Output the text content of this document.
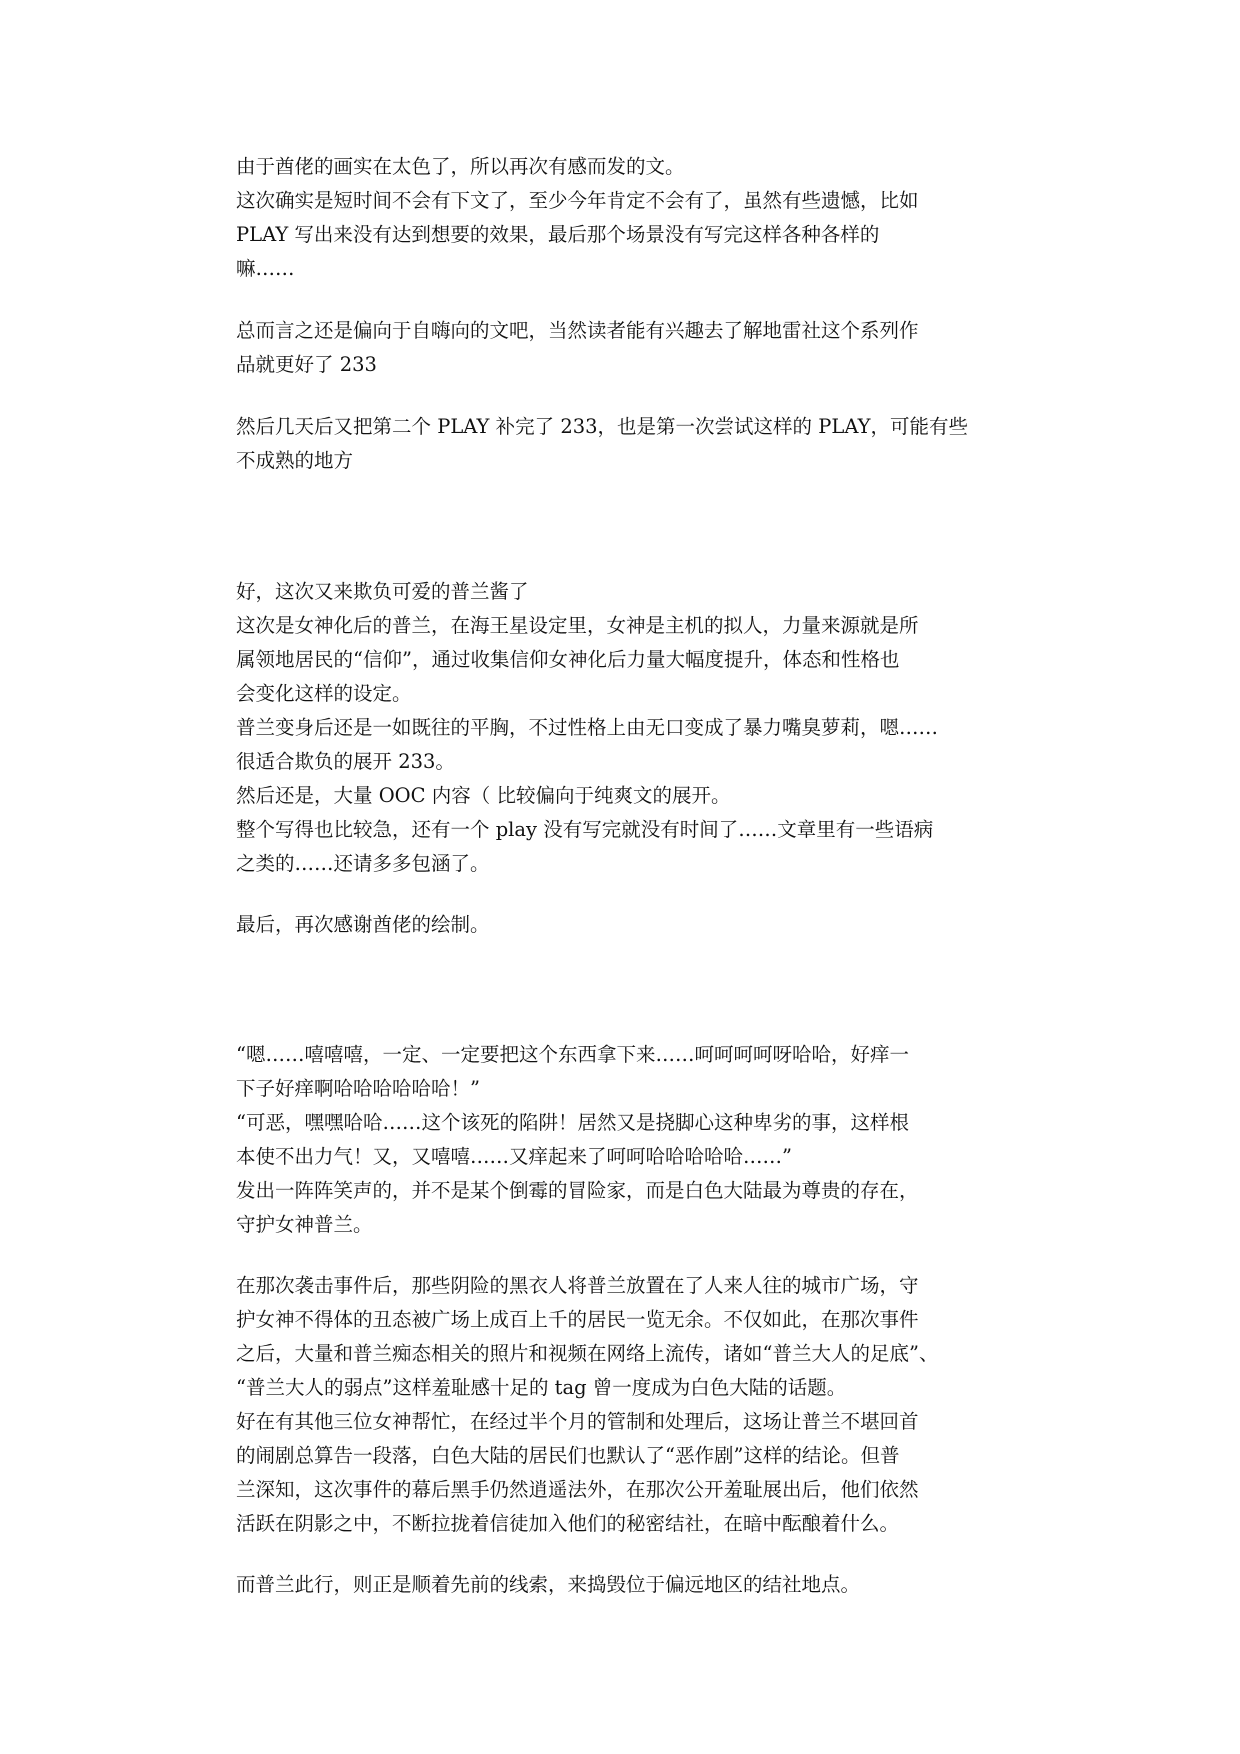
由于酋佬的画实在太色了，所以再次有感而发的文。
这次确实是短时间不会有下文了，至少今年肯定不会有了，虽然有些遗憾，比如
PLAY 写出来没有达到想要的效果，最后那个场景没有写完这样各种各样的
嘛……
总而言之还是偏向于自嗨向的文吧，当然读者能有兴趣去了解地雷社这个系列作
品就更好了 233
然后几天后又把第二个 PLAY 补完了 233，也是第一次尝试这样的 PLAY，可能有些
不成熟的地方
好，这次又来欺负可爱的普兰酱了
这次是女神化后的普兰，在海王星设定里，女神是主机的拟人，力量来源就是所
属领地居民的“信仰”，通过收集信仰女神化后力量大幅度提升，体态和性格也
会变化这样的设定。
普兰变身后还是一如既往的平胸，不过性格上由无口变成了暴力嘴臭萝莉，嗯……
很适合欺负的展开 233。
然后还是，大量 OOC 内容（ 比较偏向于纯爽文的展开。
整个写得也比较急，还有一个 play 没有写完就没有时间了……文章里有一些语病
之类的……还请多多包涵了。
最后，再次感谢酋佬的绘制。
“嗯……嘻嘻嘻，一定、一定要把这个东西拿下来……呵呵呵呵呀哈哈，好痒一
下子好痒啊哈哈哈哈哈哈！”
“可恶，嘿嘿哈哈……这个该死的陷阱！居然又是挠脚心这种卑劣的事，这样根
本使不出力气！又，又嘻嘻……又痒起来了呵呵哈哈哈哈哈……”
发出一阵阵笑声的，并不是某个倒霉的冒险家，而是白色大陆最为尊贵的存在，
守护女神普兰。
在那次袭击事件后，那些阴险的黑衣人将普兰放置在了人来人往的城市广场，守
护女神不得体的丑态被广场上成百上千的居民一览无余。不仅如此，在那次事件
之后，大量和普兰痴态相关的照片和视频在网络上流传，诸如“普兰大人的足底”、
“普兰大人的弱点”这样羞耻感十足的 tag 曾一度成为白色大陆的话题。
好在有其他三位女神帮忙，在经过半个月的管制和处理后，这场让普兰不堪回首
的闹剧总算告一段落，白色大陆的居民们也默认了“恶作剧”这样的结论。但普
兰深知，这次事件的幕后黑手仍然逍遥法外，在那次公开羞耻展出后，他们依然
活跃在阴影之中，不断拉拢着信徒加入他们的秘密结社，在暗中酝酿着什么。
而普兰此行，则正是顺着先前的线索，来捣毁位于偏远地区的结社地点。
